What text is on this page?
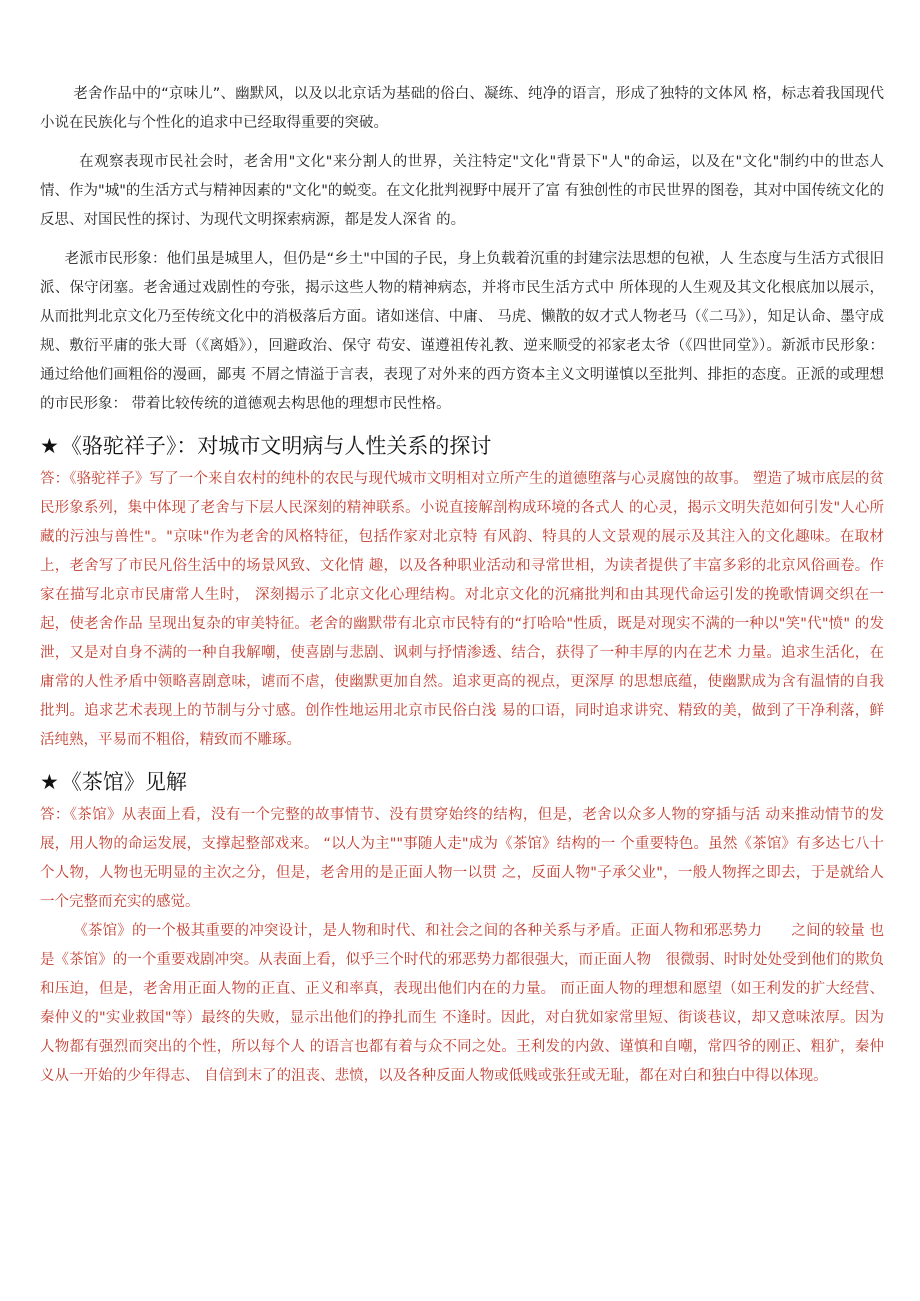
老舍作品中的“京味儿”、幽默风，以及以北京话为基础的俗白、凝练、纯净的语言，形成了独特的文体风 格，标志着我国现代小说在民族化与个性化的追求中已经取得重要的突破。

在观察表现市民社会时，老舍用"文化"来分割人的世界，关注特定"文化"背景下"人"的命运，以及在"文化"制约中的世态人情、作为"城"的生活方式与精神因素的"文化"的蜕变。在文化批判视野中展开了富 有独创性的市民世界的图卷，其对中国传统文化的反思、对国民性的探讨、为现代文明探索病源，都是发人深省 的。

老派市民形象：他们虽是城里人，但仍是“乡土"中国的子民，身上负载着沉重的封建宗法思想的包袱，人 生态度与生活方式很旧派、保守闭塞。老舍通过戏剧性的夸张，揭示这些人物的精神病态，并将市民生活方式中 所体现的人生观及其文化根底加以展示，从而批判北京文化乃至传统文化中的消极落后方面。诸如迷信、中庸、 马虎、懒散的奴才式人物老马（《二马》），知足认命、墨守成规、敷衍平庸的张大哥（《离婚》），回避政治、保守 苟安、谨遵祖传礼教、逆来顺受的祁家老太爷（《四世同堂》）。新派市民形象：通过给他们画粗俗的漫画，鄙夷 不屑之情溢于言表，表现了对外来的西方资本主义文明谨慎以至批判、排拒的态度。正派的或理想的市民形象： 带着比较传统的道德观去构思他的理想市民性格。

★《骆驼祥子》：对城市文明病与人性关系的探讨

答：《骆驼祥子》写了一个来自农村的纯朴的农民与现代城市文明相对立所产生的道德堕落与心灵腐蚀的故事。 塑造了城市底层的贫民形象系列，集中体现了老舍与下层人民深刻的精神联系。小说直接解剖构成环境的各式人 的心灵，揭示文明失范如何引发"人心所藏的污浊与兽性"。"京味"作为老舍的风格特征，包括作家对北京特 有风韵、特具的人文景观的展示及其注入的文化趣味。在取材上，老舍写了市民凡俗生活中的场景风致、文化情 趣，以及各种职业活动和寻常世相，为读者提供了丰富多彩的北京风俗画卷。作家在描写北京市民庸常人生时， 深刻揭示了北京文化心理结构。对北京文化的沉痛批判和由其现代命运引发的挽歌情调交织在一起，使老舍作品 呈现出复杂的审美特征。老舍的幽默带有北京市民特有的“打哈哈"性质，既是对现实不满的一种以"笑"代"愤" 的发泄，又是对自身不满的一种自我解嘲，使喜剧与悲剧、讽刺与抒情渗透、结合，获得了一种丰厚的内在艺术 力量。追求生活化，在庸常的人性矛盾中领略喜剧意味，谑而不虐，使幽默更加自然。追求更高的视点，更深厚 的思想底蕴，使幽默成为含有温情的自我批判。追求艺术表现上的节制与分寸感。创作性地运用北京市民俗白浅 易的口语，同时追求讲究、精致的美，做到了干净利落，鲜活纯熟，平易而不粗俗，精致而不雕琢。

★《茶馆》见解

答：《茶馆》从表面上看，没有一个完整的故事情节、没有贯穿始终的结构，但是，老舍以众多人物的穿插与活 动来推动情节的发展，用人物的命运发展，支撑起整部戏来。 “以人为主""事随人走"成为《茶馆》结构的一 个重要特色。虽然《茶馆》有多达七八十个人物，人物也无明显的主次之分，但是，老舍用的是正面人物一以贯 之，反面人物"子承父业"，一般人物挥之即去，于是就给人一个完整而充实的感觉。

《茶馆》的一个极其重要的冲突设计，是人物和时代、和社会之间的各种关系与矛盾。正面人物和邪恶势力　　之间的较量 也是《茶馆》的一个重要戏剧冲突。从表面上看，似乎三个时代的邪恶势力都很强大，而正面人物　很微弱、时时处处受到他们的欺负和压迫，但是，老舍用正面人物的正直、正义和率真，表现出他们内在的力量。 而正面人物的理想和愿望（如王利发的扩大经营、秦仲义的"实业救国"等）最终的失败，显示出他们的挣扎而生 不逢时。因此，对白犹如家常里短、街谈巷议，却又意味浓厚。因为人物都有强烈而突出的个性，所以每个人 的语言也都有着与众不同之处。王利发的内敛、谨慎和自嘲，常四爷的刚正、粗犷，秦仲义从一开始的少年得志、 自信到末了的沮丧、悲愤，以及各种反面人物或低贱或张狂或无耻，都在对白和独白中得以体现。
